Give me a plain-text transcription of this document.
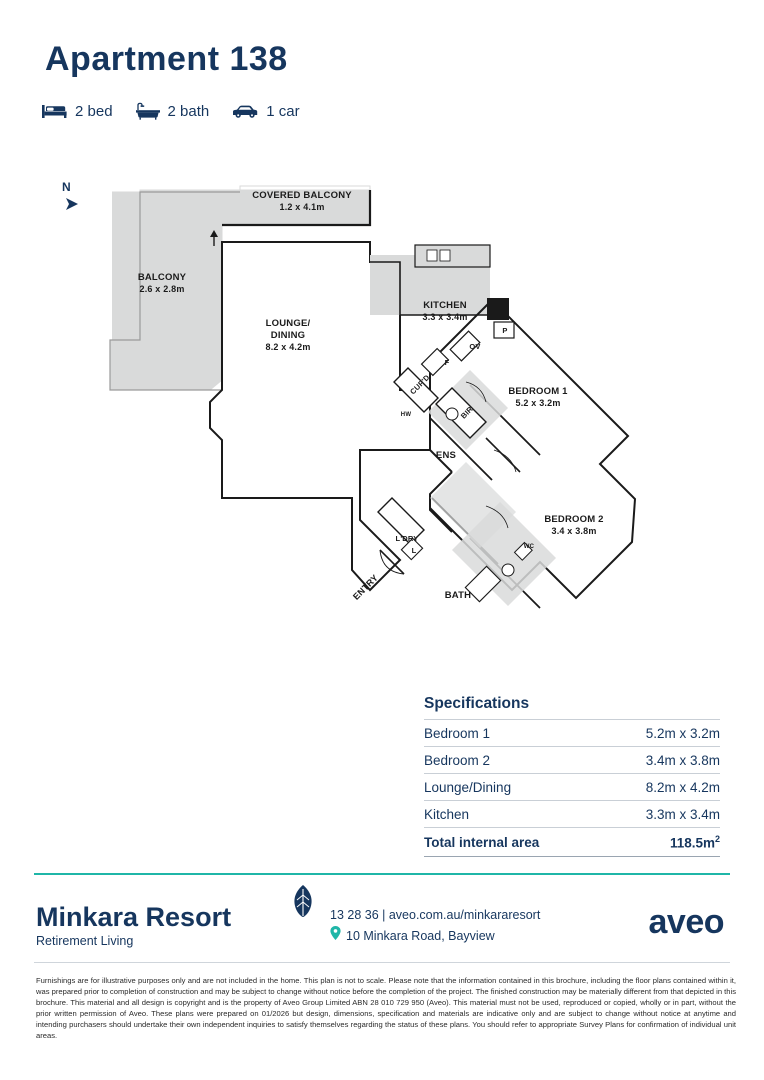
Apartment 138
2 bed	2 bath	1 car
N
COVERED BALCONY
1.2 x 4.1m
BALCONY
2.6 x 2.8m
LOUNGE/
DINING
8.2 x 4.2m
KITCHEN
3.3 x 3.4m
BEDROOM 1
5.2 x 3.2m
BEDROOM 2
3.4 x 3.8m
ENS
BATH
L'DRY
CUP'D
BIR
ENTRY
P
OV
F
L	WC
HW
Specifications
Bedroom 1	5.2m x 3.2m
Bedroom 2	3.4m x 3.8m
Lounge/Dining	8.2m x 4.2m
Kitchen	3.3m x 3.4m
Total internal area	$118.5m^2$
Minkara Resort
Retirement Living
13 28 36 | aveo.com.au/minkararesort
10 Minkara Road, Bayview	aveo
Furnishings are for illustrative purposes only and are not included in the home. This plan is not to scale. Please note that the information contained in this brochure, including the floor plans contained within it, was prepared prior to completion of construction and may be subject to change without notice before the completion of the project. The finished construction may be materially different from that depicted in this brochure. This material and all design is copyright and is the property of Aveo Group Limited ABN 28 010 729 950 (Aveo). This material must not be used, reproduced or copied, wholly or in part, without the prior written permission of Aveo. These plans were prepared on 01/2026 but design, dimensions, specification and materials are indicative only and are subject to change without notice at anytime and intending purchasers should undertake their own independent inquiries to satisfy themselves regarding the status of these plans. You should refer to appropriate Survey Plans for confirmation of individual unit areas.
